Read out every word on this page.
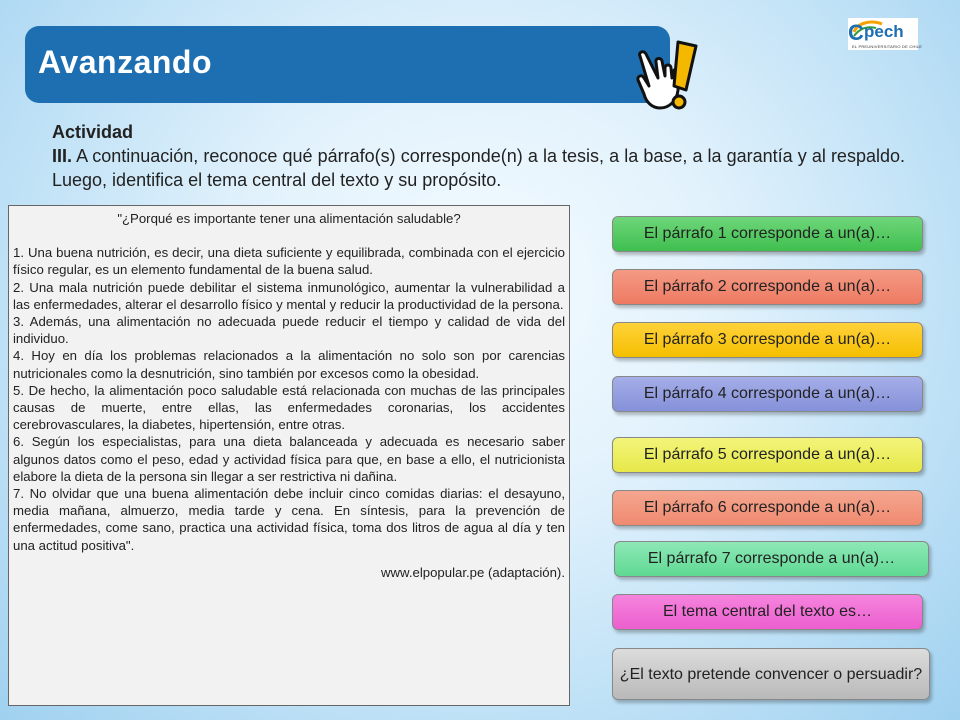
Avanzando
C pech
EL PREUNIVERSITARIO DE CHILE
Actividad
III. A continuación, reconoce qué párrafo(s) corresponde(n) a la tesis, a la base, a la garantía y al respaldo. Luego, identifica el tema central del texto y su propósito.
"¿Porqué es importante tener una alimentación saludable?
1. Una buena nutrición, es decir, una dieta suficiente y equilibrada, combinada con el ejercicio físico regular, es un elemento fundamental de la buena salud.
2. Una mala nutrición puede debilitar el sistema inmunológico, aumentar la vulnerabilidad a las enfermedades, alterar el desarrollo físico y mental y reducir la productividad de la persona.
3. Además, una alimentación no adecuada puede reducir el tiempo y calidad de vida del individuo.
4. Hoy en día los problemas relacionados a la alimentación no solo son por carencias nutricionales como la desnutrición, sino también por excesos como la obesidad.
5. De hecho, la alimentación poco saludable está relacionada con muchas de las principales causas de muerte, entre ellas, las enfermedades coronarias, los accidentes cerebrovasculares, la diabetes, hipertensión, entre otras.
6. Según los especialistas, para una dieta balanceada y adecuada es necesario saber algunos datos como el peso, edad y actividad física para que, en base a ello, el nutricionista elabore la dieta de la persona sin llegar a ser restrictiva ni dañina.
7. No olvidar que una buena alimentación debe incluir cinco comidas diarias: el desayuno, media mañana, almuerzo, media tarde y cena. En síntesis, para la prevención de enfermedades, come sano, practica una actividad física, toma dos litros de agua al día y ten una actitud positiva".
www.elpopular.pe (adaptación).
El párrafo 1 corresponde a un(a)…
El párrafo 2 corresponde a un(a)…
El párrafo 3 corresponde a un(a)…
El párrafo 4 corresponde a un(a)…
El párrafo 5 corresponde a un(a)…
El párrafo 6 corresponde a un(a)…
El párrafo 7 corresponde a un(a)…
El tema central del texto es…
¿El texto pretende convencer o persuadir?
